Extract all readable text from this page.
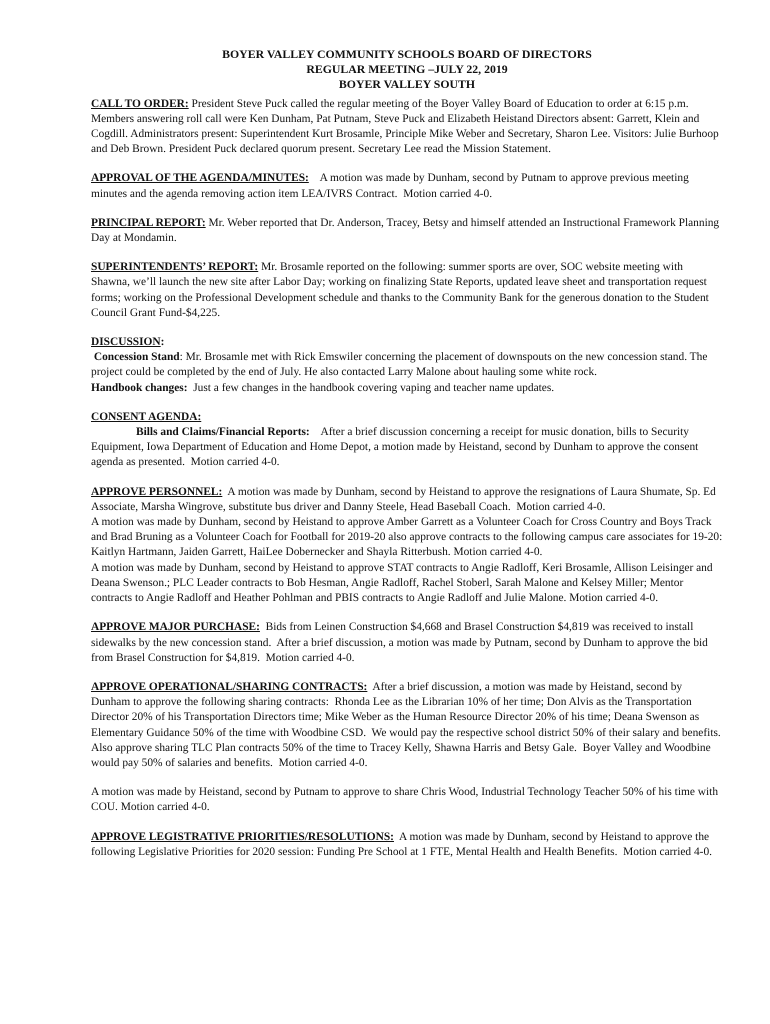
BOYER VALLEY COMMUNITY SCHOOLS BOARD OF DIRECTORS
REGULAR MEETING –JULY 22, 2019
BOYER VALLEY SOUTH
CALL TO ORDER: President Steve Puck called the regular meeting of the Boyer Valley Board of Education to order at 6:15 p.m. Members answering roll call were Ken Dunham, Pat Putnam, Steve Puck and Elizabeth Heistand Directors absent: Garrett, Klein and Cogdill. Administrators present: Superintendent Kurt Brosamle, Principle Mike Weber and Secretary, Sharon Lee. Visitors: Julie Burhoop and Deb Brown. President Puck declared quorum present. Secretary Lee read the Mission Statement.
APPROVAL OF THE AGENDA/MINUTES:    A motion was made by Dunham, second by Putnam to approve previous meeting minutes and the agenda removing action item LEA/IVRS Contract.  Motion carried 4-0.
PRINCIPAL REPORT: Mr. Weber reported that Dr. Anderson, Tracey, Betsy and himself attended an Instructional Framework Planning Day at Mondamin.
SUPERINTENDENTS’ REPORT: Mr. Brosamle reported on the following: summer sports are over, SOC website meeting with Shawna, we’ll launch the new site after Labor Day; working on finalizing State Reports, updated leave sheet and transportation request forms; working on the Professional Development schedule and thanks to the Community Bank for the generous donation to the Student Council Grant Fund-$4,225.
DISCUSSION:
Concession Stand: Mr. Brosamle met with Rick Emswiler concerning the placement of downspouts on the new concession stand. The project could be completed by the end of July. He also contacted Larry Malone about hauling some white rock.
Handbook changes:  Just a few changes in the handbook covering vaping and teacher name updates.
CONSENT AGENDA:
Bills and Claims/Financial Reports:    After a brief discussion concerning a receipt for music donation, bills to Security Equipment, Iowa Department of Education and Home Depot, a motion made by Heistand, second by Dunham to approve the consent agenda as presented.  Motion carried 4-0.
APPROVE PERSONNEL:  A motion was made by Dunham, second by Heistand to approve the resignations of Laura Shumate, Sp. Ed Associate, Marsha Wingrove, substitute bus driver and Danny Steele, Head Baseball Coach.  Motion carried 4-0.
A motion was made by Dunham, second by Heistand to approve Amber Garrett as a Volunteer Coach for Cross Country and Boys Track and Brad Bruning as a Volunteer Coach for Football for 2019-20 also approve contracts to the following campus care associates for 19-20: Kaitlyn Hartmann, Jaiden Garrett, HaiLee Dobernecker and Shayla Ritterbush. Motion carried 4-0.
A motion was made by Dunham, second by Heistand to approve STAT contracts to Angie Radloff, Keri Brosamle, Allison Leisinger and Deana Swenson.; PLC Leader contracts to Bob Hesman, Angie Radloff, Rachel Stoberl, Sarah Malone and Kelsey Miller; Mentor contracts to Angie Radloff and Heather Pohlman and PBIS contracts to Angie Radloff and Julie Malone. Motion carried 4-0.
APPROVE MAJOR PURCHASE:  Bids from Leinen Construction $4,668 and Brasel Construction $4,819 was received to install sidewalks by the new concession stand.  After a brief discussion, a motion was made by Putnam, second by Dunham to approve the bid from Brasel Construction for $4,819.  Motion carried 4-0.
APPROVE OPERATIONAL/SHARING CONTRACTS:  After a brief discussion, a motion was made by Heistand, second by Dunham to approve the following sharing contracts:  Rhonda Lee as the Librarian 10% of her time; Don Alvis as the Transportation Director 20% of his Transportation Directors time; Mike Weber as the Human Resource Director 20% of his time; Deana Swenson as Elementary Guidance 50% of the time with Woodbine CSD.  We would pay the respective school district 50% of their salary and benefits. Also approve sharing TLC Plan contracts 50% of the time to Tracey Kelly, Shawna Harris and Betsy Gale.  Boyer Valley and Woodbine would pay 50% of salaries and benefits.  Motion carried 4-0.
A motion was made by Heistand, second by Putnam to approve to share Chris Wood, Industrial Technology Teacher 50% of his time with COU. Motion carried 4-0.
APPROVE LEGISTRATIVE PRIORITIES/RESOLUTIONS:  A motion was made by Dunham, second by Heistand to approve the following Legislative Priorities for 2020 session: Funding Pre School at 1 FTE, Mental Health and Health Benefits.  Motion carried 4-0.
